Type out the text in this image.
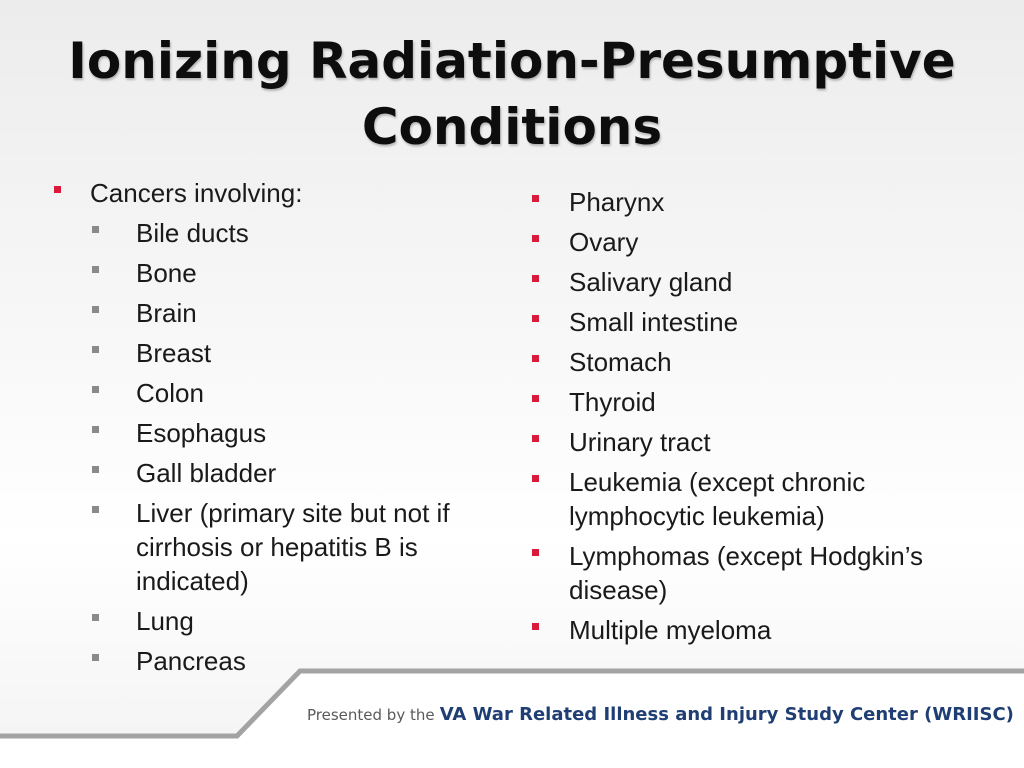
Ionizing Radiation-Presumptive
Conditions
Cancers involving:
Bile ducts
Bone
Brain
Breast
Colon
Esophagus
Gall bladder
Liver (primary site but not if cirrhosis or hepatitis B is indicated)
Lung
Pancreas
Pharynx
Ovary
Salivary gland
Small intestine
Stomach
Thyroid
Urinary tract
Leukemia (except chronic lymphocytic leukemia)
Lymphomas (except Hodgkin’s disease)
Multiple myeloma
Presented by the VA War Related Illness and Injury Study Center (WRIISC)
